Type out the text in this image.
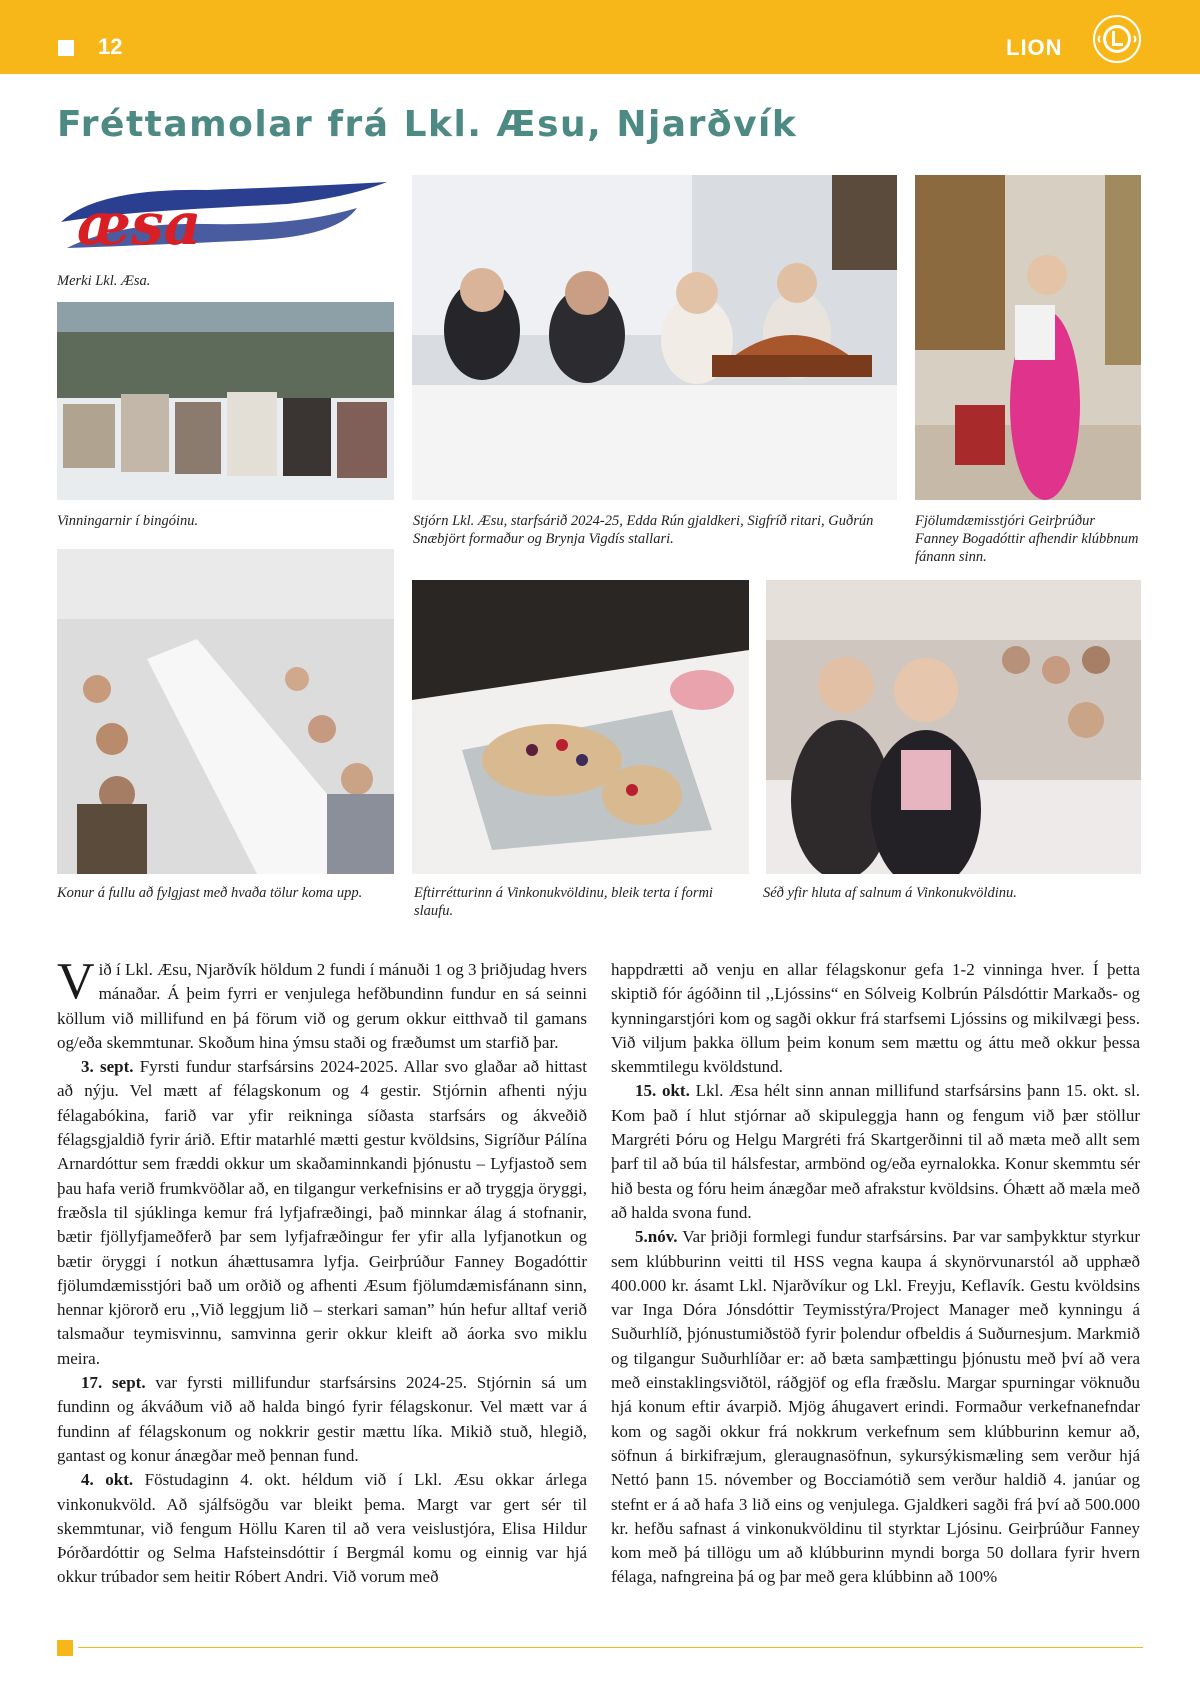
12	LION
Fréttamolar frá Lkl. Æsu, Njarðvík
æsa
Merki Lkl. Æsa.
Vinningarnir í bingóinu.	Stjórn Lkl. Æsu, starfsárið 2024-25, Edda Rún gjaldkeri, Sigfríð ritari, Guðrún Snæbjört formaður og Brynja Vigdís stallari.
Fjölumdæmisstjóri Geirþrúður Fanney Bogadóttir afhendir klúbbnum fánann sinn.
Konur á fullu að fylgjast með hvaða tölur koma upp.	Eftirrétturinn á Vinkonukvöldinu, bleik terta í formi slaufu.
Séð yfir hluta af salnum á Vinkonukvöldinu.

Við í Lkl. Æsu, Njarðvík höldum 2 fundi í mánuði 1 og 3 þriðjudag hvers mánaðar. Á þeim fyrri er venjulega hefðbundinn fundur en sá seinni köllum við millifund en þá förum við og gerum okkur eitthvað til gamans og/eða skemmtunar. Skoðum hina ýmsu staði og fræðumst um starfið þar.

3. sept. Fyrsti fundur starfsársins 2024-2025. Allar svo glaðar að hittast að nýju. Vel mætt af félagskonum og 4 gestir. Stjórnin afhenti nýju félagabókina, farið var yfir reikninga síðasta starfsárs og ákveðið félagsgjaldið fyrir árið. Eftir matarhlé mætti gestur kvöldsins, Sigríður Pálína Arnardóttur sem fræddi okkur um skaðaminnkandi þjónustu – Lyfjastoð sem þau hafa verið frumkvöðlar að, en tilgangur verkefnisins er að tryggja öryggi, fræðsla til sjúklinga kemur frá lyfjafræðingi, það minnkar álag á stofnanir, bætir fjöllyfjameðferð þar sem lyfjafræðingur fer yfir alla lyfjanotkun og bætir öryggi í notkun áhættusamra lyfja. Geirþrúður Fanney Bogadóttir fjölumdæmisstjóri bað um orðið og afhenti Æsum fjölumdæmisfánann sinn, hennar kjörorð eru ,,Við leggjum lið – sterkari saman” hún hefur alltaf verið talsmaður teymisvinnu, samvinna gerir okkur kleift að áorka svo miklu meira.

17. sept. var fyrsti millifundur starfsársins 2024-25. Stjórnin sá um fundinn og ákváðum við að halda bingó fyrir félagskonur. Vel mætt var á fundinn af félagskonum og nokkrir gestir mættu líka. Mikið stuð, hlegið, gantast og konur ánægðar með þennan fund.

4. okt. Föstudaginn 4. okt. héldum við í Lkl. Æsu okkar árlega vinkonukvöld. Að sjálfsögðu var bleikt þema. Margt var gert sér til skemmtunar, við fengum Höllu Karen til að vera veislustjóra, Elisa Hildur Þórðardóttir og Selma Hafsteinsdóttir í Bergmál komu og einnig var hjá okkur trúbador sem heitir Róbert Andri. Við vorum með

happdrætti að venju en allar félagskonur gefa 1-2 vinninga hver. Í þetta skiptið fór ágóðinn til ,,Ljóssins“ en Sólveig Kolbrún Pálsdóttir Markaðs- og kynningarstjóri kom og sagði okkur frá starfsemi Ljóssins og mikilvægi þess. Við viljum þakka öllum þeim konum sem mættu og áttu með okkur þessa skemmtilegu kvöldstund.

15. okt. Lkl. Æsa hélt sinn annan millifund starfsársins þann 15. okt. sl. Kom það í hlut stjórnar að skipuleggja hann og fengum við þær stöllur Margréti Þóru og Helgu Margréti frá Skartgerðinni til að mæta með allt sem þarf til að búa til hálsfestar, armbönd og/eða eyrnalokka. Konur skemmtu sér hið besta og fóru heim ánægðar með afrakstur kvöldsins. Óhætt að mæla með að halda svona fund.

5.nóv. Var þriðji formlegi fundur starfsársins. Þar var samþykktur styrkur sem klúbburinn veitti til HSS vegna kaupa á skynörvunarstól að upphæð 400.000 kr. ásamt Lkl. Njarðvíkur og Lkl. Freyju, Keflavík. Gestu kvöldsins var Inga Dóra Jónsdóttir Teymisstýra/Project Manager með kynningu á Suðurhlíð, þjónustumiðstöð fyrir þolendur ofbeldis á Suðurnesjum. Markmið og tilgangur Suðurhlíðar er: að bæta samþættingu þjónustu með því að vera með einstaklingsviðtöl, ráðgjöf og efla fræðslu. Margar spurningar vöknuðu hjá konum eftir ávarpið. Mjög áhugavert erindi. Formaður verkefnanefndar kom og sagði okkur frá nokkrum verkefnum sem klúbburinn kemur að, söfnun á birkifræjum, gleraugnasöfnun, sykursýkismæling sem verður hjá Nettó þann 15. nóvember og Bocciamótið sem verður haldið 4. janúar og stefnt er á að hafa 3 lið eins og venjulega. Gjaldkeri sagði frá því að 500.000 kr. hefðu safnast á vinkonukvöldinu til styrktar Ljósinu. Geirþrúður Fanney kom með þá tillögu um að klúbburinn myndi borga 50 dollara fyrir hvern félaga, nafngreina þá og þar með gera klúbbinn að 100%
